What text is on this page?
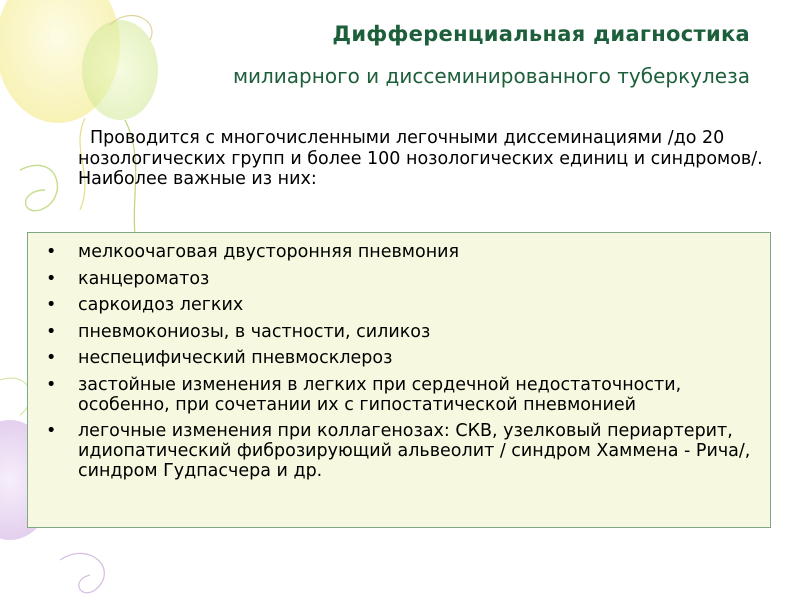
Дифференциальная диагностика
милиарного и диссеминированного туберкулеза
Проводится с многочисленными легочными диссеминациями /до 20 нозологических групп и более 100 нозологических единиц и синдромов/. Наиболее важные из них:
•	мелкоочаговая двусторонняя пневмония
•	канцероматоз
•	саркоидоз легких
•	пневмокониозы, в частности, силикоз
•	неспецифический пневмосклероз
•	застойные изменения в легких при сердечной недостаточности, особенно, при сочетании их с гипостатической пневмонией
•	легочные изменения при коллагенозах: СКВ, узелковый периартерит, идиопатический фиброзирующий альвеолит / синдром Хаммена - Рича/, синдром Гудпасчера и др.
